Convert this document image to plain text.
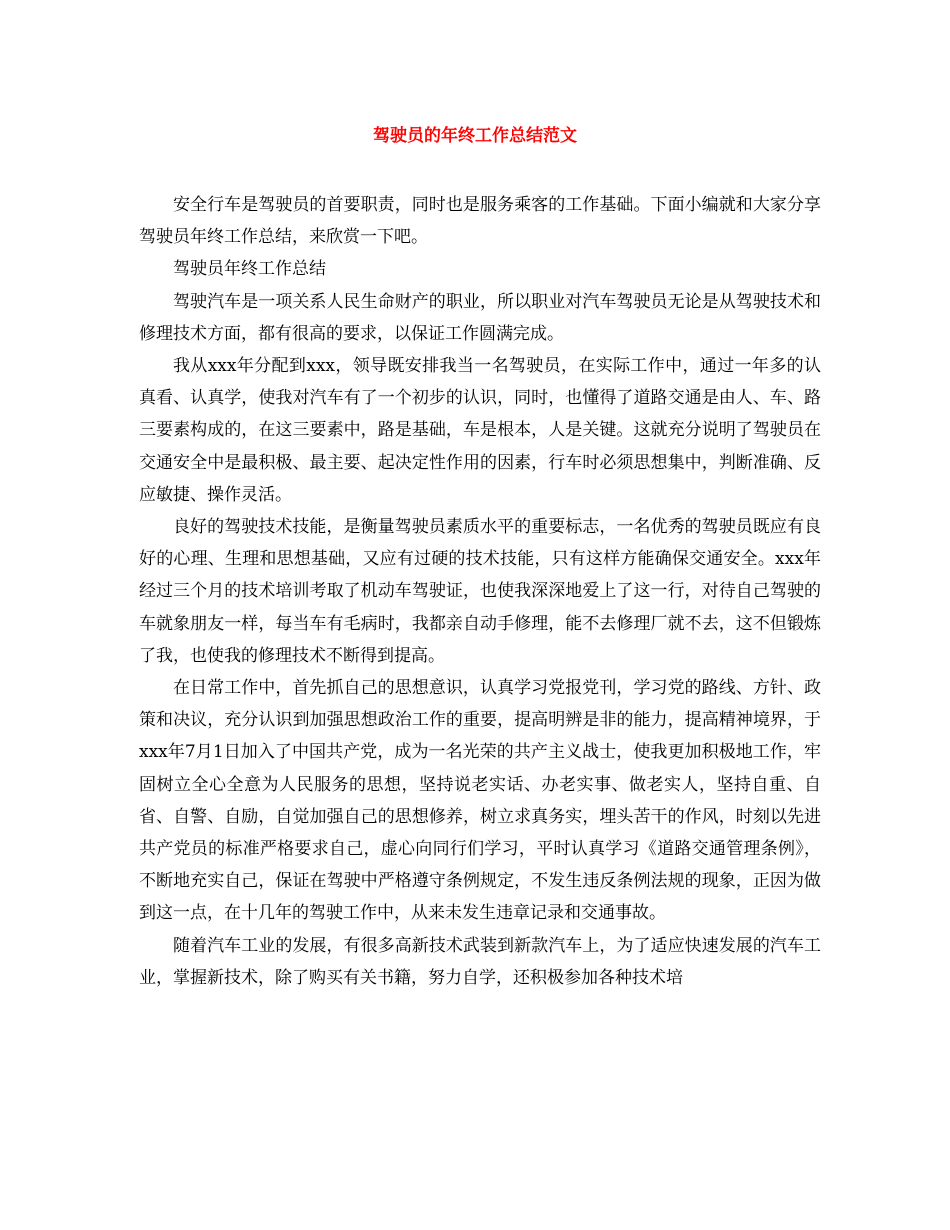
驾驶员的年终工作总结范文

安全行车是驾驶员的首要职责，同时也是服务乘客的工作基础。下面小编就和大家分享驾驶员年终工作总结，来欣赏一下吧。

驾驶员年终工作总结

驾驶汽车是一项关系人民生命财产的职业，所以职业对汽车驾驶员无论是从驾驶技术和修理技术方面，都有很高的要求，以保证工作圆满完成。

我从xxx年分配到xxx，领导既安排我当一名驾驶员，在实际工作中，通过一年多的认真看、认真学，使我对汽车有了一个初步的认识，同时，也懂得了道路交通是由人、车、路三要素构成的，在这三要素中，路是基础，车是根本，人是关键。这就充分说明了驾驶员在交通安全中是最积极、最主要、起决定性作用的因素，行车时必须思想集中，判断准确、反应敏捷、操作灵活。

良好的驾驶技术技能，是衡量驾驶员素质水平的重要标志，一名优秀的驾驶员既应有良好的心理、生理和思想基础，又应有过硬的技术技能，只有这样方能确保交通安全。xxx年经过三个月的技术培训考取了机动车驾驶证，也使我深深地爱上了这一行，对待自己驾驶的车就象朋友一样，每当车有毛病时，我都亲自动手修理，能不去修理厂就不去，这不但锻炼了我，也使我的修理技术不断得到提高。

在日常工作中，首先抓自己的思想意识，认真学习党报党刊，学习党的路线、方针、政策和决议，充分认识到加强思想政治工作的重要，提高明辨是非的能力，提高精神境界，于xxx年7月1日加入了中国共产党，成为一名光荣的共产主义战士，使我更加积极地工作，牢固树立全心全意为人民服务的思想，坚持说老实话、办老实事、做老实人，坚持自重、自省、自警、自励，自觉加强自己的思想修养，树立求真务实，埋头苦干的作风，时刻以先进共产党员的标准严格要求自己，虚心向同行们学习，平时认真学习《道路交通管理条例》，不断地充实自己，保证在驾驶中严格遵守条例规定，不发生违反条例法规的现象，正因为做到这一点，在十几年的驾驶工作中，从来未发生违章记录和交通事故。

随着汽车工业的发展，有很多高新技术武装到新款汽车上，为了适应快速发展的汽车工业，掌握新技术，除了购买有关书籍，努力自学，还积极参加各种技术培
